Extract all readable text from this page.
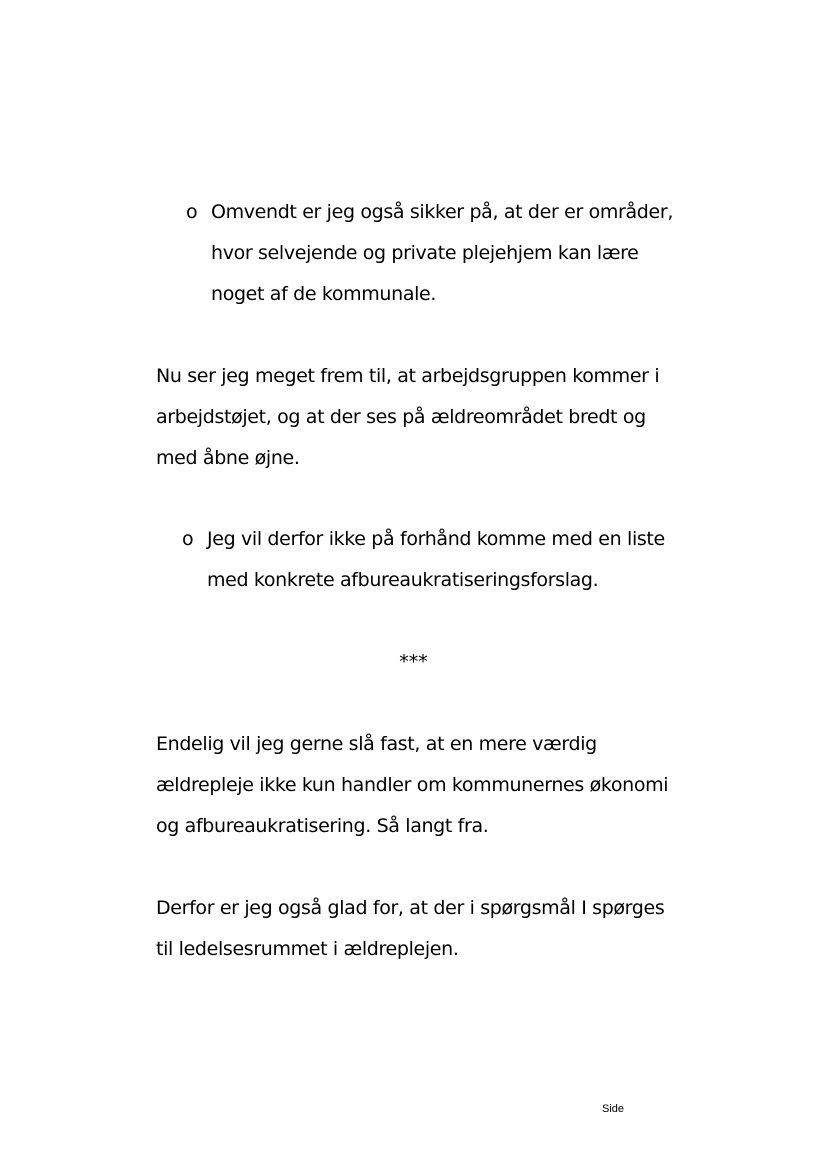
o Omvendt er jeg også sikker på, at der er områder,
hvor selvejende og private plejehjem kan lære
noget af de kommunale.
Nu ser jeg meget frem til, at arbejdsgruppen kommer i
arbejdstøjet, og at der ses på ældreområdet bredt og
med åbne øjne.
o Jeg vil derfor ikke på forhånd komme med en liste
med konkrete afbureaukratiseringsforslag.
***
Endelig vil jeg gerne slå fast, at en mere værdig
ældrepleje ikke kun handler om kommunernes økonomi
og afbureaukratisering. Så langt fra.
Derfor er jeg også glad for, at der i spørgsmål I spørges
til ledelsesrummet i ældreplejen.
Side
